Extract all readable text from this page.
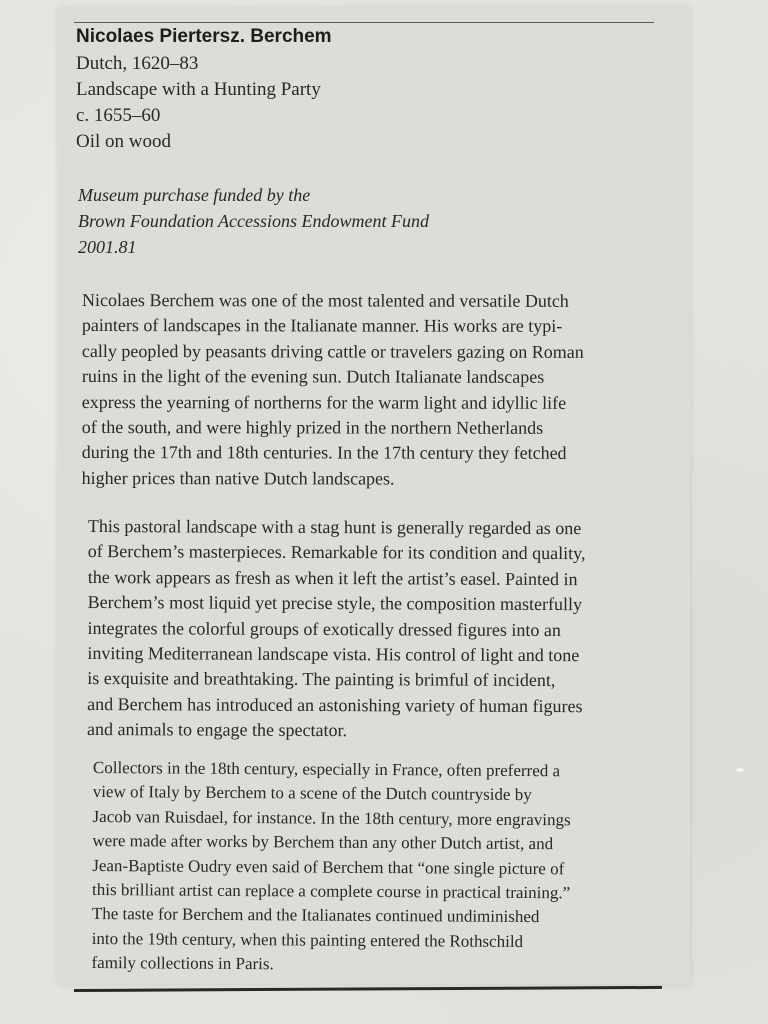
Nicolaes Piertersz. Berchem

Dutch, 1620–83

Landscape with a Hunting Party

c. 1655–60

Oil on wood

Museum purchase funded by the
Brown Foundation Accessions Endowment Fund
2001.81
Nicolaes Berchem was one of the most talented and versatile Dutch
painters of landscapes in the Italianate manner. His works are typi-
cally peopled by peasants driving cattle or travelers gazing on Roman
ruins in the light of the evening sun. Dutch Italianate landscapes
express the yearning of northerns for the warm light and idyllic life
of the south, and were highly prized in the northern Netherlands
during the 17th and 18th centuries. In the 17th century they fetched
higher prices than native Dutch landscapes.
This pastoral landscape with a stag hunt is generally regarded as one
of Berchem’s masterpieces. Remarkable for its condition and quality,
the work appears as fresh as when it left the artist’s easel. Painted in
Berchem’s most liquid yet precise style, the composition masterfully
integrates the colorful groups of exotically dressed figures into an
inviting Mediterranean landscape vista. His control of light and tone
is exquisite and breathtaking. The painting is brimful of incident,
and Berchem has introduced an astonishing variety of human figures
and animals to engage the spectator.
Collectors in the 18th century, especially in France, often preferred a
view of Italy by Berchem to a scene of the Dutch countryside by
Jacob van Ruisdael, for instance. In the 18th century, more engravings
were made after works by Berchem than any other Dutch artist, and
Jean-Baptiste Oudry even said of Berchem that “one single picture of
this brilliant artist can replace a complete course in practical training.”
The taste for Berchem and the Italianates continued undiminished
into the 19th century, when this painting entered the Rothschild
family collections in Paris.
